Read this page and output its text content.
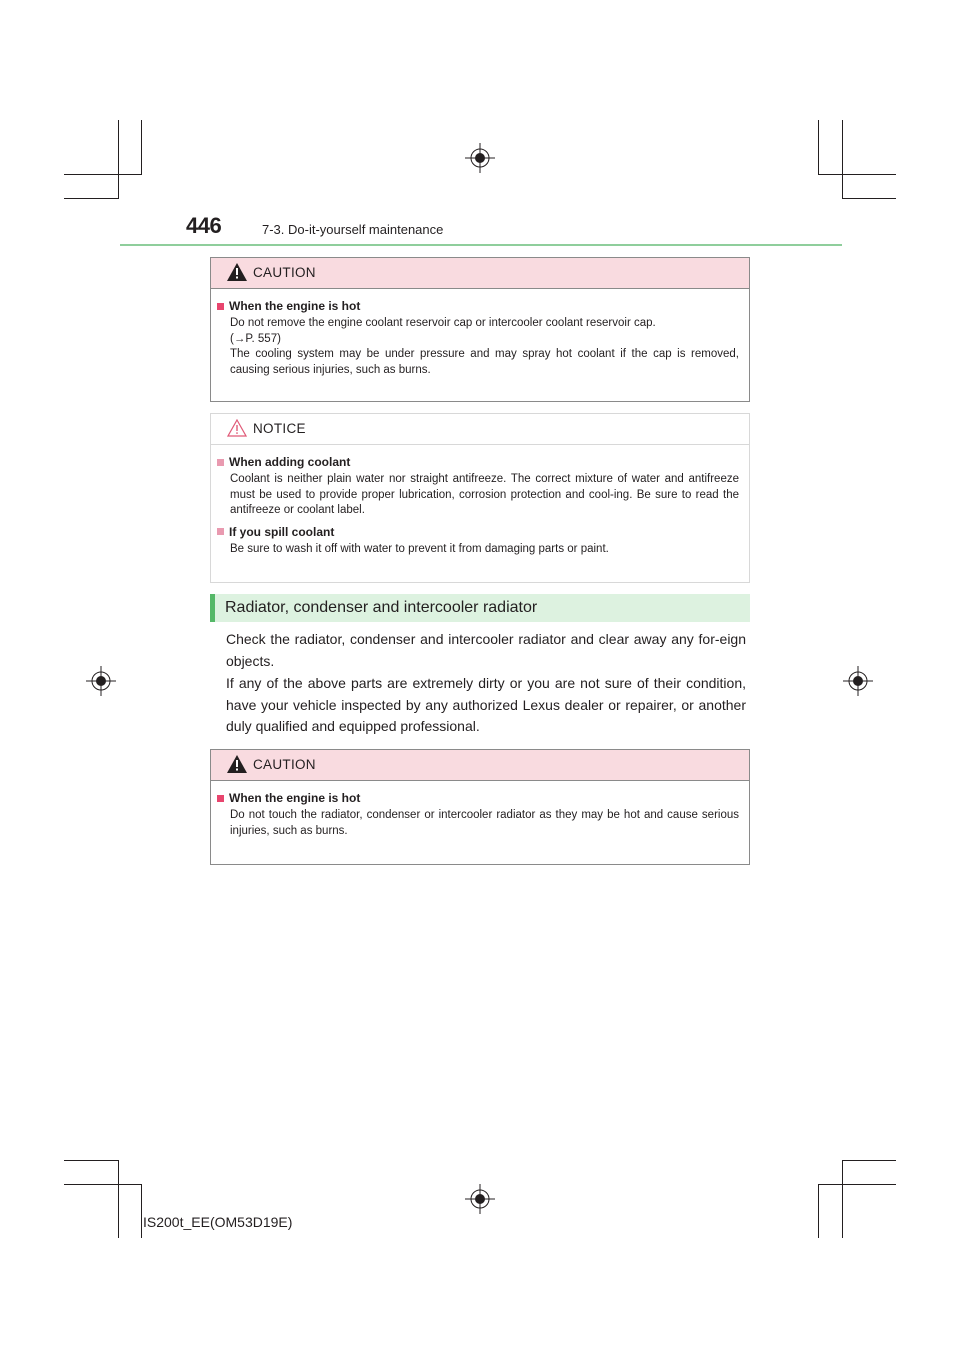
446	7-3. Do-it-yourself maintenance
CAUTION
When the engine is hot
Do not remove the engine coolant reservoir cap or intercooler coolant reservoir cap.
(→P. 557)
The cooling system may be under pressure and may spray hot coolant if the cap is removed, causing serious injuries, such as burns.
NOTICE
When adding coolant
Coolant is neither plain water nor straight antifreeze. The correct mixture of water and antifreeze must be used to provide proper lubrication, corrosion protection and cool-ing. Be sure to read the antifreeze or coolant label.
If you spill coolant
Be sure to wash it off with water to prevent it from damaging parts or paint.
Radiator, condenser and intercooler radiator
Check the radiator, condenser and intercooler radiator and clear away any for-eign objects.
If any of the above parts are extremely dirty or you are not sure of their condition, have your vehicle inspected by any authorized Lexus dealer or repairer, or another duly qualified and equipped professional.
CAUTION
When the engine is hot
Do not touch the radiator, condenser or intercooler radiator as they may be hot and cause serious injuries, such as burns.
IS200t_EE(OM53D19E)
